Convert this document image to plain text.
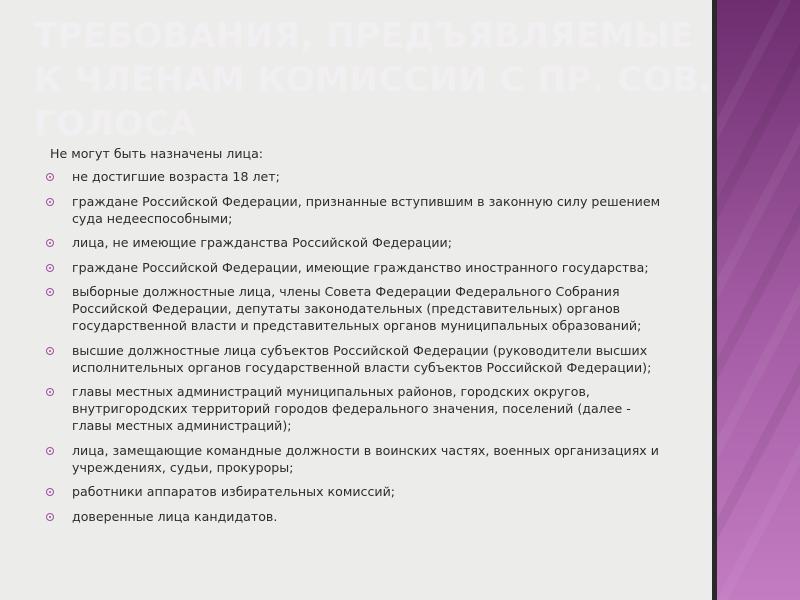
ТРЕБОВАНИЯ, ПРЕДЪЯВЛЯЕМЫЕ К ЧЛЕНАМ КОМИССИИ С ПР. СОВ. ГОЛОСА

Не могут быть назначены лица:

не достигшие возраста 18 лет;
граждане Российской Федерации, признанные вступившим в законную силу решением суда недееспособными;
лица, не имеющие гражданства Российской Федерации;
граждане Российской Федерации, имеющие гражданство иностранного государства;
выборные должностные лица, члены Совета Федерации Федерального Собрания Российской Федерации, депутаты законодательных (представительных) органов государственной власти и представительных органов муниципальных образований;
высшие должностные лица субъектов Российской Федерации (руководители высших исполнительных органов государственной власти субъектов Российской Федерации);
главы местных администраций муниципальных районов, городских округов, внутригородских территорий городов федерального значения, поселений (далее - главы местных администраций);
лица, замещающие командные должности в воинских частях, военных организациях и учреждениях, судьи, прокуроры;
работники аппаратов избирательных комиссий;
доверенные лица кандидатов.
